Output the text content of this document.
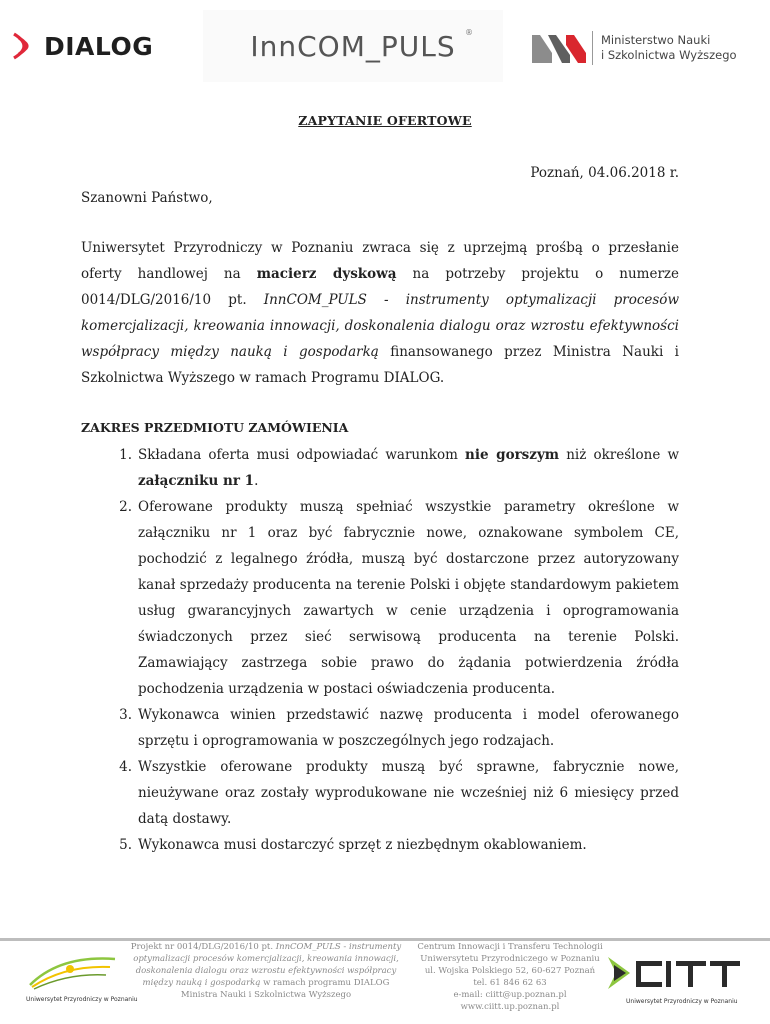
DIALOG	InnCOM_PULS ®
Ministerstwo Nauki
i Szkolnictwa Wyższego
ZAPYTANIE OFERTOWE
Poznań, 04.06.2018 r.
Szanowni Państwo,

Uniwersytet Przyrodniczy w Poznaniu zwraca się z uprzejmą prośbą o przesłanie oferty handlowej na macierz dyskową na potrzeby projektu o numerze 0014/DLG/2016/10 pt. InnCOM_PULS - instrumenty optymalizacji procesów komercjalizacji, kreowania innowacji, doskonalenia dialogu oraz wzrostu efektywności współpracy między nauką i gospodarką finansowanego przez Ministra Nauki i Szkolnictwa Wyższego w ramach Programu DIALOG.

ZAKRES PRZEDMIOTU ZAMÓWIENIA
1. Składana oferta musi odpowiadać warunkom nie gorszym niż określone w załączniku nr 1.
2. Oferowane produkty muszą spełniać wszystkie parametry określone w załączniku nr 1 oraz być fabrycznie nowe, oznakowane symbolem CE, pochodzić z legalnego źródła, muszą być dostarczone przez autoryzowany kanał sprzedaży producenta na terenie Polski i objęte standardowym pakietem usług gwarancyjnych zawartych w cenie urządzenia i oprogramowania świadczonych przez sieć serwisową producenta na terenie Polski. Zamawiający zastrzega sobie prawo do żądania potwierdzenia źródła pochodzenia urządzenia w postaci oświadczenia producenta.
3. Wykonawca winien przedstawić nazwę producenta i model oferowanego sprzętu i oprogramowania w poszczególnych jego rodzajach.
4. Wszystkie oferowane produkty muszą być sprawne, fabrycznie nowe, nieużywane oraz zostały wyprodukowane nie wcześniej niż 6 miesięcy przed datą dostawy.
5. Wykonawca musi dostarczyć sprzęt z niezbędnym okablowaniem.
Uniwersytet Przyrodniczy w Poznaniu
Projekt nr 0014/DLG/2016/10 pt. InnCOM_PULS - instrumenty optymalizacji procesów komercjalizacji, kreowania innowacji, doskonalenia dialogu oraz wzrostu efektywności współpracy między nauką i gospodarką w ramach programu DIALOG
Ministra Nauki i Szkolnictwa Wyższego
Centrum Innowacji i Transferu Technologii
Uniwersytetu Przyrodniczego w Poznaniu
ul. Wojska Polskiego 52, 60-627 Poznań
tel. 61 846 62 63
e-mail: ciitt@up.poznan.pl
www.ciitt.up.poznan.pl
Uniwersytet Przyrodniczy w Poznaniu
